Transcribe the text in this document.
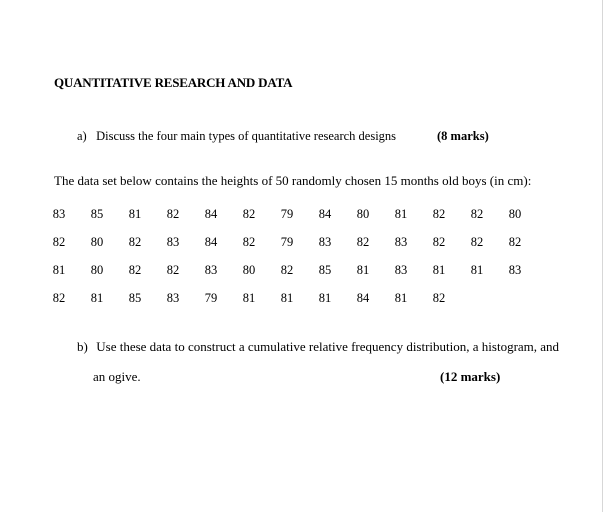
QUANTITATIVE RESEARCH AND DATA
a) Discuss the four main types of quantitative research designs	(8 marks)
The data set below contains the heights of 50 randomly chosen 15 months old boys (in cm):
83	85	81	82	84	82	79	84	80	81	82	82	80
82	80	82	83	84	82	79	83	82	83	82	82	82
81	80	82	82	83	80	82	85	81	83	81	81	83
82	81	85	83	79	81	81	81	84	81	82		
b) Use these data to construct a cumulative relative frequency distribution, a histogram, and
an ogive.	(12 marks)
